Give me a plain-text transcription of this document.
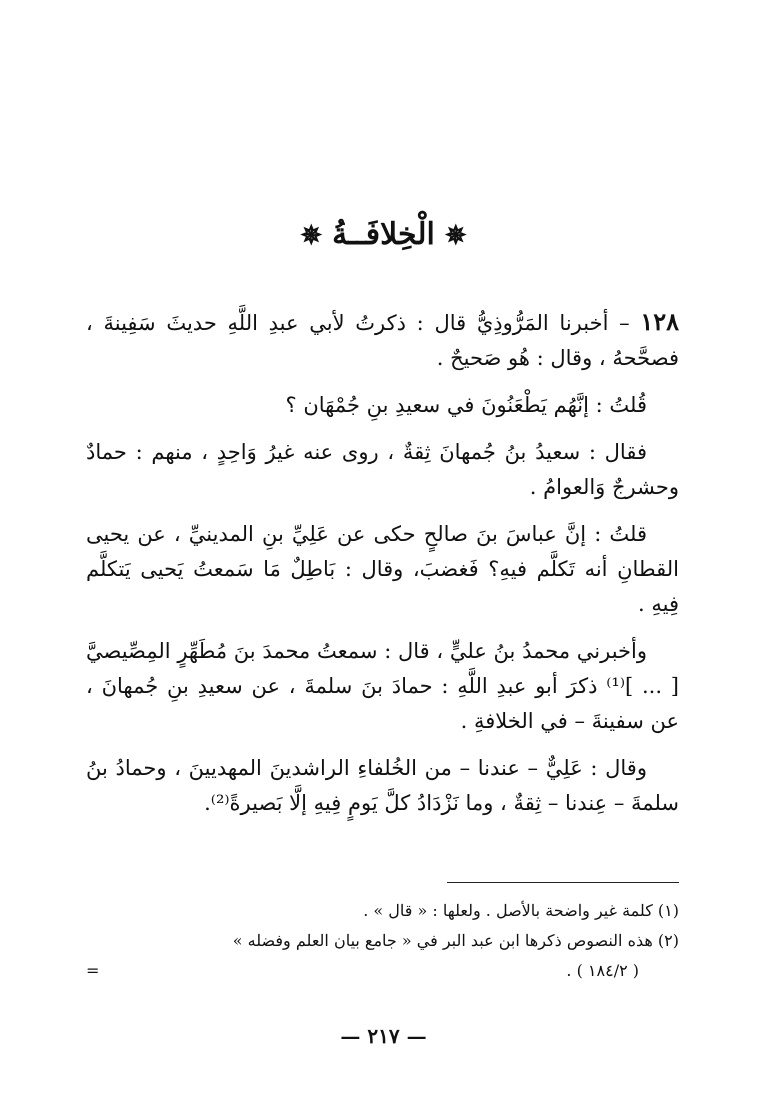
✵الْخِلافَــةُ✵

١٢٨ – أخبرنا المَرُّوذِيُّ قال : ذكرتُ لأبي عبدِ اللَّهِ حديثَ سَفِينةَ ، فصحَّحهُ ، وقال : هُو صَحيحٌ .

قُلتُ : إنَّهُم يَطْعَنُونَ في سعيدِ بنِ جُمْهَان ؟

فقال : سعيدُ بنُ جُمهانَ ثِقةٌ ، روى عنه غيرُ وَاحِدٍ ، منهم : حمادٌ وحشرجٌ وَالعوامُ .

قلتُ : إنَّ عباسَ بنَ صالحٍ حكى عن عَلِيِّ بنِ المدينيِّ ، عن يحيى القطانِ أنه تَكلَّم فيهِ؟ فَغضبَ، وقال : بَاطِلٌ مَا سَمعتُ يَحيى يَتكلَّم فِيهِ .

وأخبرني محمدُ بنُ عليٍّ ، قال : سمعتُ محمدَ بنَ مُطَهِّرٍ المِصِّيصيَّ [ ... ]⁽¹⁾ ذكرَ أبو عبدِ اللَّهِ : حمادَ بنَ سلمةَ ، عن سعيدِ بنِ جُمهانَ ، عن سفينةَ – في الخلافةِ .

وقال : عَلِيٌّ – عندنا – من الخُلفاءِ الراشدينَ المهديينَ ، وحمادُ بنُ سلمةَ – عِندنا – ثِقةٌ ، وما نَزْدَادُ كلَّ يَومٍ فِيهِ إلَّا بَصيرةً⁽²⁾.

(١) كلمة غير واضحة بالأصل . ولعلها : « قال » .

(٢) هذه النصوص ذكرها ابن عبد البر في « جامع بيان العلم وفضله »

( ١٨٤/٢ ) .
=
— ٢١٧ —
